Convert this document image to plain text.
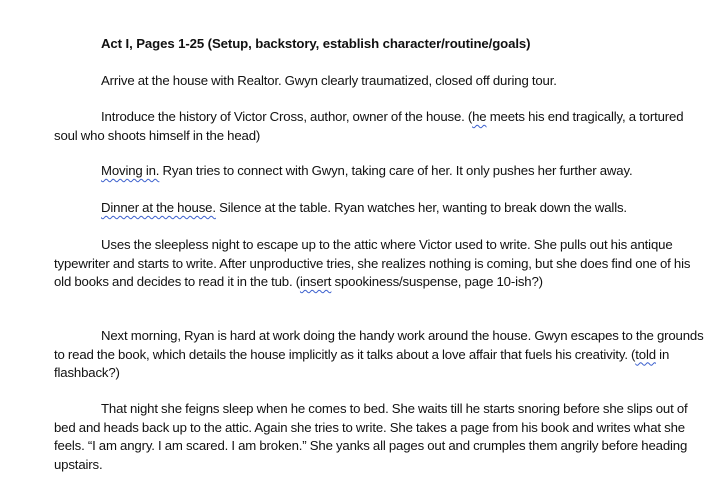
Act I, Pages 1-25 (Setup, backstory, establish character/routine/goals)
Arrive at the house with Realtor. Gwyn clearly traumatized, closed off during tour.
Introduce the history of Victor Cross, author, owner of the house. (he meets his end tragically, a tortured soul who shoots himself in the head)
Moving in. Ryan tries to connect with Gwyn, taking care of her. It only pushes her further away.
Dinner at the house. Silence at the table. Ryan watches her, wanting to break down the walls.
Uses the sleepless night to escape up to the attic where Victor used to write. She pulls out his antique typewriter and starts to write. After unproductive tries, she realizes nothing is coming, but she does find one of his old books and decides to read it in the tub. (insert spookiness/suspense, page 10-ish?)
Next morning, Ryan is hard at work doing the handy work around the house. Gwyn escapes to the grounds to read the book, which details the house implicitly as it talks about a love affair that fuels his creativity. (told in flashback?)
That night she feigns sleep when he comes to bed. She waits till he starts snoring before she slips out of bed and heads back up to the attic. Again she tries to write. She takes a page from his book and writes what she feels. “I am angry. I am scared. I am broken.” She yanks all pages out and crumples them angrily before heading upstairs.
